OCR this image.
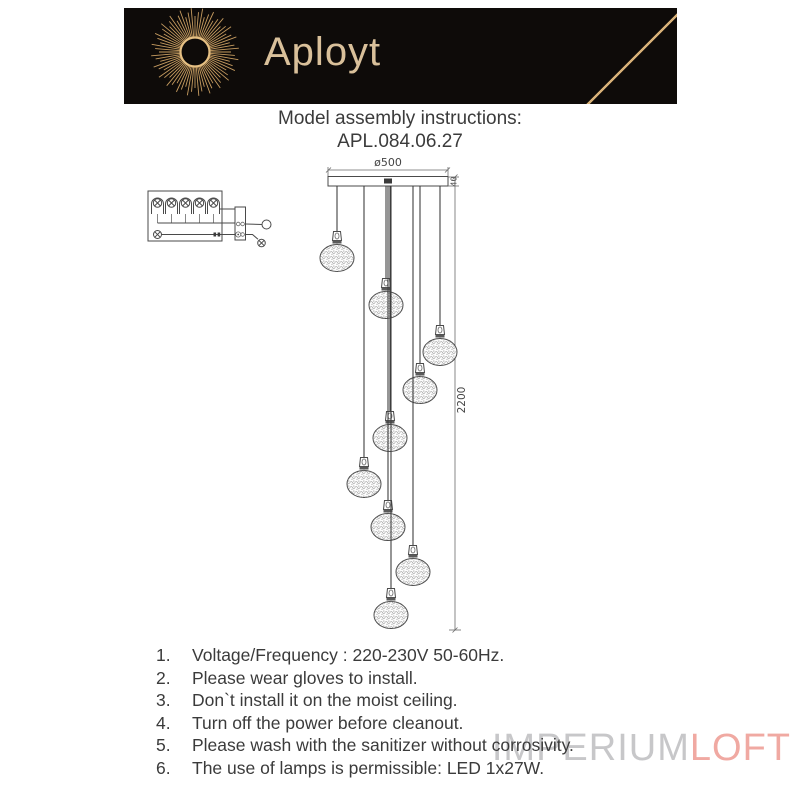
Aployt
Model assembly instructions:
APL.084.06.27
ø500
40
2200
1.	Voltage/Frequency : 220-230V 50-60Hz.
2.	Please wear gloves to install.
3.	Don`t install it on the moist ceiling.
4.	Turn off the power before cleanout.
5.	Please wash with the sanitizer without corrosivity.
6.	The use of lamps is permissible: LED 1x27W.
IMPERIUMLOFT
